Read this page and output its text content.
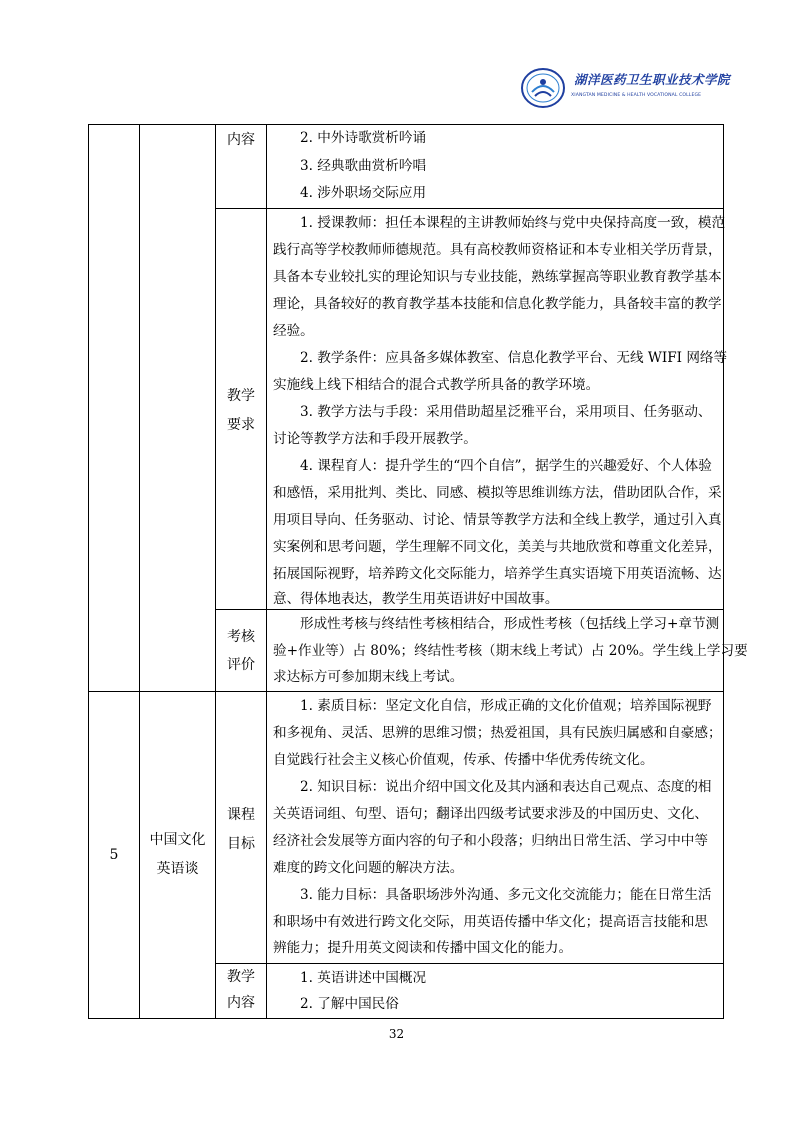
湖洋医药卫生职业技术学院
XIANGTAN MEDICINE & HEALTH VOCATIONAL COLLEGE
内容	2. 中外诗歌赏析吟诵
3. 经典歌曲赏析吟唱
4. 涉外职场交际应用
教学
要求
1. 授课教师：担任本课程的主讲教师始终与党中央保持高度一致，模范
践行高等学校教师师德规范。具有高校教师资格证和本专业相关学历背景，
具备本专业较扎实的理论知识与专业技能，熟练掌握高等职业教育教学基本
理论，具备较好的教育教学基本技能和信息化教学能力，具备较丰富的教学
经验。
2. 教学条件：应具备多媒体教室、信息化教学平台、无线 WIFI 网络等
实施线上线下相结合的混合式教学所具备的教学环境。
3. 教学方法与手段：采用借助超星泛雅平台，采用项目、任务驱动、
讨论等教学方法和手段开展教学。
4. 课程育人：提升学生的“四个自信”，据学生的兴趣爱好、个人体验
和感悟，采用批判、类比、同感、模拟等思维训练方法，借助团队合作，采
用项目导向、任务驱动、讨论、情景等教学方法和全线上教学，通过引入真
实案例和思考问题，学生理解不同文化，美美与共地欣赏和尊重文化差异，
拓展国际视野，培养跨文化交际能力，培养学生真实语境下用英语流畅、达
意、得体地表达，教学生用英语讲好中国故事。
考核
评价
形成性考核与终结性考核相结合，形成性考核（包括线上学习+章节测
验+作业等）占 80%；终结性考核（期末线上考试）占 20%。学生线上学习要
求达标方可参加期末线上考试。
5
中国文化
英语谈
课程
目标
1. 素质目标：坚定文化自信，形成正确的文化价值观；培养国际视野
和多视角、灵活、思辨的思维习惯；热爱祖国，具有民族归属感和自豪感；
自觉践行社会主义核心价值观，传承、传播中华优秀传统文化。
2. 知识目标：说出介绍中国文化及其内涵和表达自己观点、态度的相
关英语词组、句型、语句；翻译出四级考试要求涉及的中国历史、文化、
经济社会发展等方面内容的句子和小段落；归纳出日常生活、学习中中等
难度的跨文化问题的解决方法。
3. 能力目标：具备职场涉外沟通、多元文化交流能力；能在日常生活
和职场中有效进行跨文化交际，用英语传播中华文化；提高语言技能和思
辨能力；提升用英文阅读和传播中国文化的能力。
教学
内容
1. 英语讲述中国概况
2. 了解中国民俗
32
